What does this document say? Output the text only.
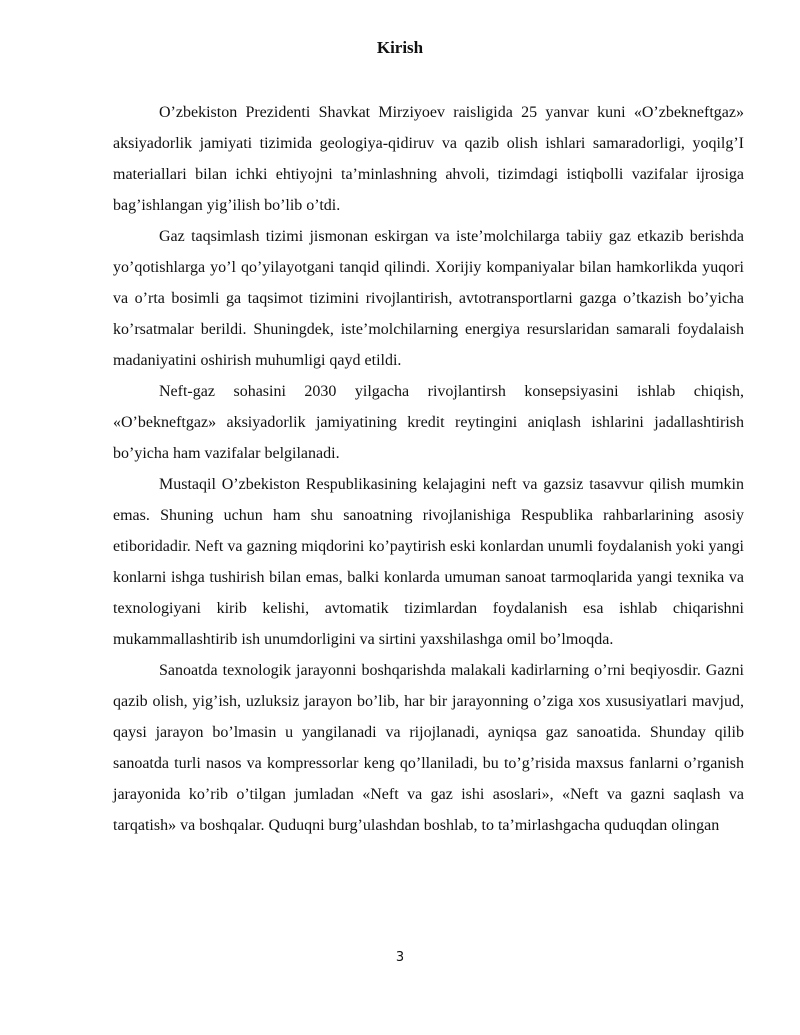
Kirish

O’zbekiston Prezidenti Shavkat Mirziyoev raisligida 25 yanvar kuni «O’zbekneftgaz» aksiyadorlik jamiyati tizimida geologiya-qidiruv va qazib olish ishlari samaradorligi, yoqilg’I materiallari bilan ichki ehtiyojni ta’minlashning ahvoli, tizimdagi istiqbolli vazifalar ijrosiga bag’ishlangan yig’ilish bo’lib o’tdi.

Gaz taqsimlash tizimi jismonan eskirgan va iste’molchilarga tabiiy gaz etkazib berishda yo’qotishlarga yo’l qo’yilayotgani tanqid qilindi. Xorijiy kompaniyalar bilan hamkorlikda yuqori va o’rta bosimli ga taqsimot tizimini rivojlantirish, avtotransportlarni gazga o’tkazish bo’yicha ko’rsatmalar berildi. Shuningdek, iste’molchilarning energiya resurslaridan samarali foydalaish madaniyatini oshirish muhumligi qayd etildi.

Neft-gaz sohasini 2030 yilgacha rivojlantirsh konsepsiyasini ishlab chiqish, «O’bekneftgaz» aksiyadorlik jamiyatining kredit reytingini aniqlash ishlarini jadallashtirish bo’yicha ham vazifalar belgilanadi.

Mustaqil O’zbekiston Respublikasining kelajagini neft va gazsiz tasavvur qilish mumkin emas. Shuning uchun ham shu sanoatning rivojlanishiga Respublika rahbarlarining asosiy etiboridadir. Neft va gazning miqdorini ko’paytirish eski konlardan unumli foydalanish yoki yangi konlarni ishga tushirish bilan emas, balki konlarda umuman sanoat tarmoqlarida yangi texnika va texnologiyani kirib kelishi, avtomatik tizimlardan foydalanish esa ishlab chiqarishni mukammallashtirib ish unumdorligini va sirtini yaxshilashga omil bo’lmoqda.

Sanoatda texnologik jarayonni boshqarishda malakali kadirlarning o’rni beqiyosdir. Gazni qazib olish, yig’ish, uzluksiz jarayon bo’lib, har bir jarayonning o’ziga xos xususiyatlari mavjud, qaysi jarayon bo’lmasin u yangilanadi va rijojlanadi, ayniqsa gaz sanoatida. Shunday qilib sanoatda turli nasos va kompressorlar keng qo’llaniladi, bu to’g’risida maxsus fanlarni o’rganish jarayonida ko’rib o’tilgan jumladan «Neft va gaz ishi asoslari», «Neft va gazni saqlash va tarqatish» va boshqalar. Quduqni burg’ulashdan boshlab, to ta’mirlashgacha quduqdan olingan

3
